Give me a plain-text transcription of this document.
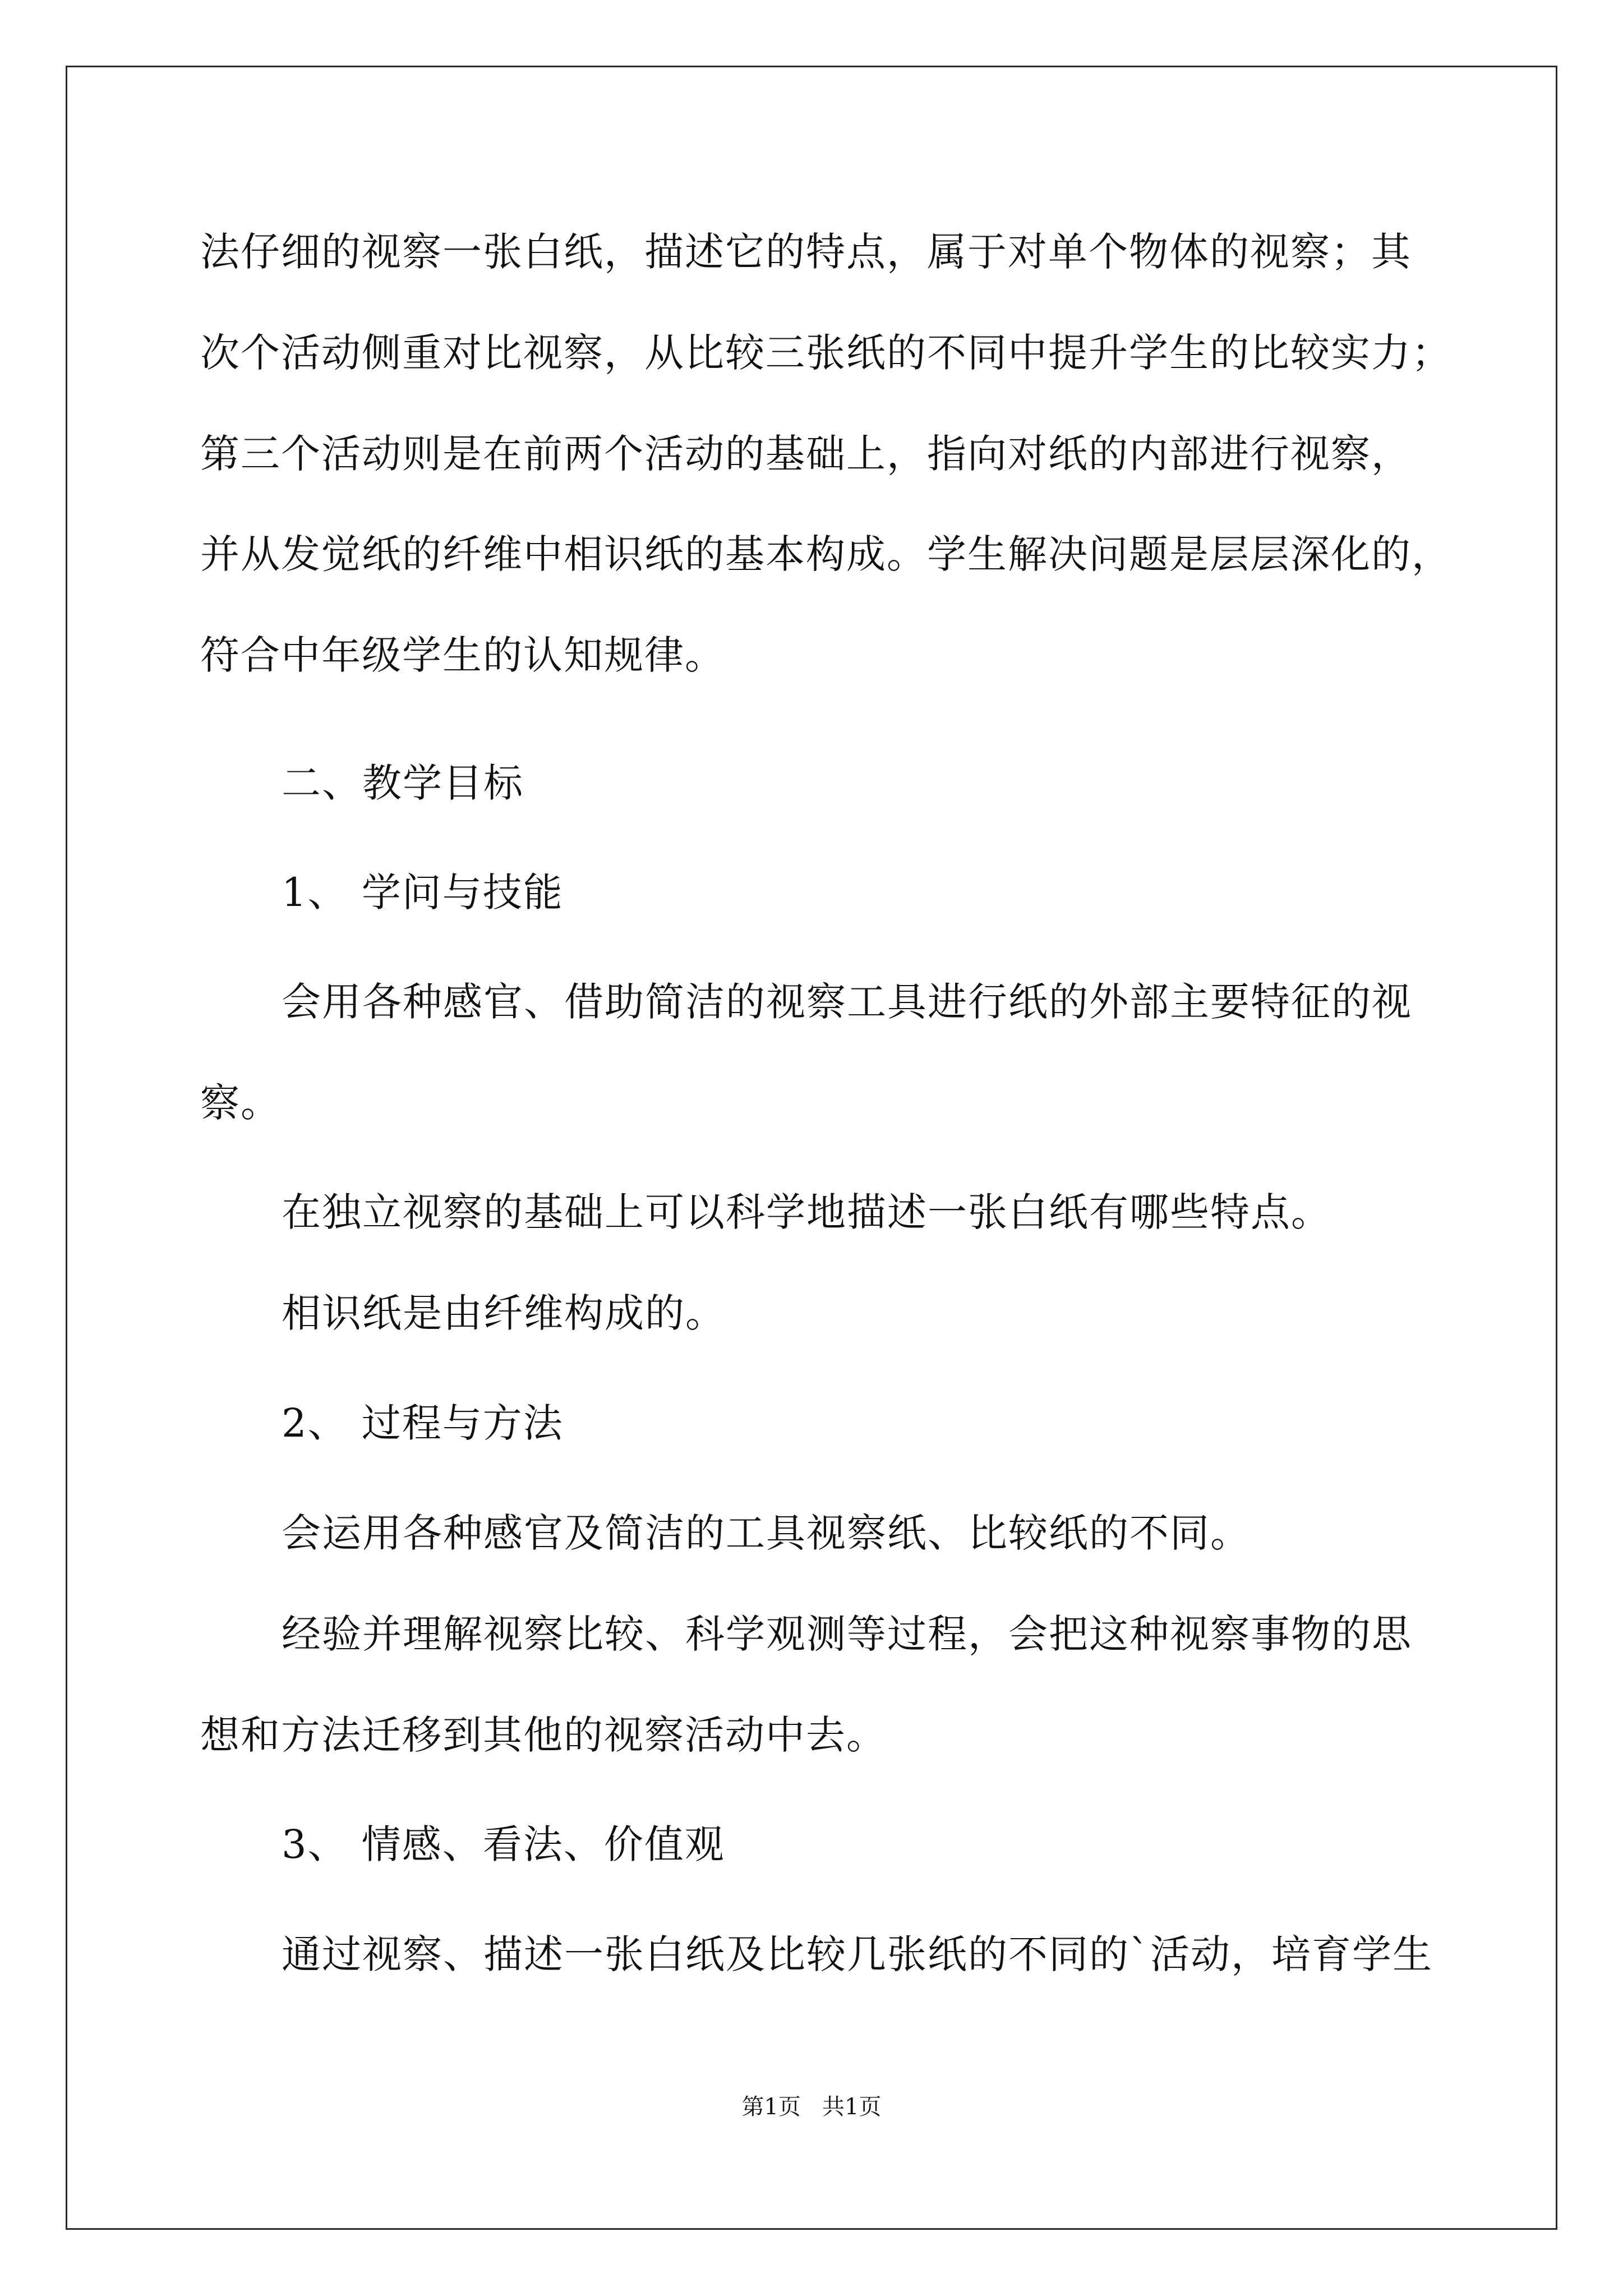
法仔细的视察一张白纸，描述它的特点，属于对单个物体的视察；其
次个活动侧重对比视察，从比较三张纸的不同中提升学生的比较实力；
第三个活动则是在前两个活动的基础上，指向对纸的内部进行视察，
并从发觉纸的纤维中相识纸的基本构成。学生解决问题是层层深化的，
符合中年级学生的认知规律。
二、教学目标
1、 学问与技能
会用各种感官、借助简洁的视察工具进行纸的外部主要特征的视
察。
在独立视察的基础上可以科学地描述一张白纸有哪些特点。
相识纸是由纤维构成的。
2、 过程与方法
会运用各种感官及简洁的工具视察纸、比较纸的不同。
经验并理解视察比较、科学观测等过程，会把这种视察事物的思
想和方法迁移到其他的视察活动中去。
3、 情感、看法、价值观
通过视察、描述一张白纸及比较几张纸的不同的`活动，培育学生
第1页   共1页
